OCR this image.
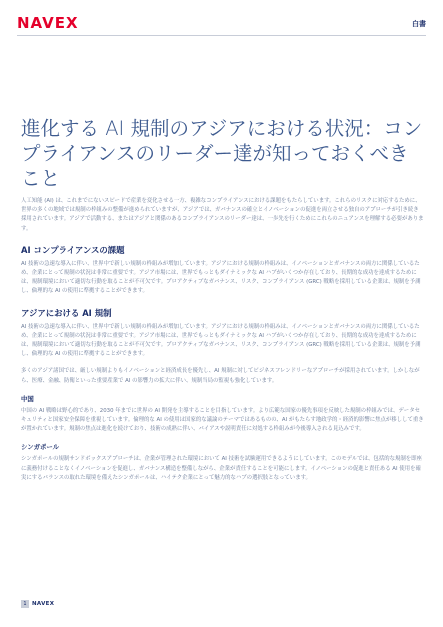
NAVEX	白書
進化する AI 規制のアジアにおける状況：コンプライアンスのリーダー達が知っておくべきこと

人工知能 (AI) は、これまでにないスピードで産業を変化させる一方、複雑なコンプライアンスにおける課題をもたらしています。これらのリスクに対応するために、世界の多くの地域では規制の枠組みの整備が進められていますが、アジアでは、ガバナンスの確立とイノベーションの促進を両立させる独自のアプローチが引き続き採用されています。アジアで活動する、またはアジアと関係のあるコンプライアンスのリーダー達は、一歩先を行くためにこれらのニュアンスを理解する必要があります。

AI コンプライアンスの課題

AI 技術の急速な導入に伴い、世界中で新しい規制の枠組みが増加しています。アジアにおける規制の枠組みは、イノベーションとガバナンスの両方に関係しているため、企業にとって規制の状況は非常に重要です。アジア市場には、世界でもっともダイナミックな AI ハブがいくつか存在しており、長期的な成功を達成するためには、規制環境において適切な行動を取ることが不可欠です。プロアクティブなガバナンス、リスク、コンプライアンス (GRC) 戦略を採用している企業は、規制を予測し、倫理的な AI の使用に準拠することができます。

アジアにおける AI 規制

AI 技術の急速な導入に伴い、世界中で新しい規制の枠組みが増加しています。アジアにおける規制の枠組みは、イノベーションとガバナンスの両方に関係しているため、企業にとって規制の状況は非常に重要です。アジア市場には、世界でもっともダイナミックな AI ハブがいくつか存在しており、長期的な成功を達成するためには、規制環境において適切な行動を取ることが不可欠です。プロアクティブなガバナンス、リスク、コンプライアンス (GRC) 戦略を採用している企業は、規制を予測し、倫理的な AI の使用に準拠することができます。

多くのアジア諸国では、厳しい規制よりもイノベーションと経済成長を優先し、AI 規制に対してビジネスフレンドリーなアプローチが採用されています。しかしながら、医療、金融、防衛といった重要産業で AI の影響力の拡大に伴い、規制当局の監視も強化しています。

中国

中国の AI 戦略は野心的であり、2030 年までに世界の AI 開発を主導することを目指しています。より広範な国家の優先事項を反映した規制の枠組みでは、データセキュリティと国家安全保障を重視しています。倫理的な AI の使用は国家的な議論のテーマではあるものの、AI がもたらす地政学的・経済的影響に焦点が移しして重きが置かれています。規制の焦点は進化を続けており、技術の成熟に伴い、バイアスや説明責任に対処する枠組みが今後導入される見込みです。

シンガポール

シンガポールの規制サンドボックスアプローチは、企業が管理された環境において AI 技術を試験運用できるようにしています。このモデルでは、包括的な規制を即座に義務付けることなくイノベーションを促進し、ガバナンス構造を整備しながら、企業が責任することを可能にします。イノベーションの促進と責任ある AI 使用を確実にするバランスの取れた環境を備えたシンガポールは、ハイテク企業にとって魅力的なハブの選択肢となっています。

1 NAVEX
